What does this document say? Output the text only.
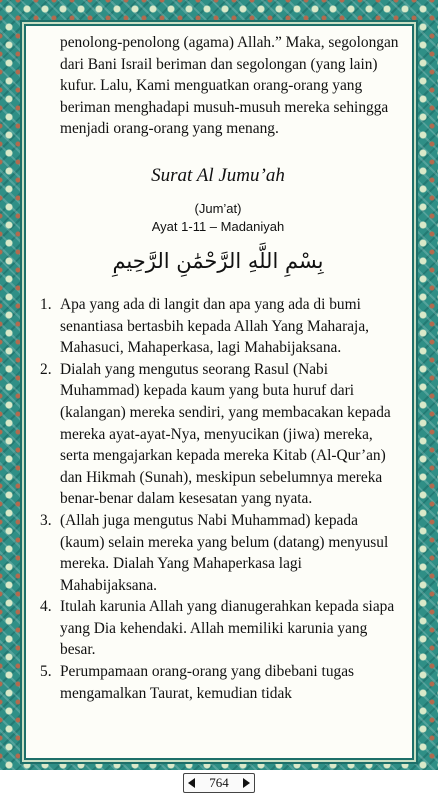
penolong-penolong (agama) Allah.” Maka, segolongan dari Bani Israil beriman dan segolongan (yang lain) kufur. Lalu, Kami menguatkan orang-orang yang beriman menghadapi musuh-musuh mereka sehingga menjadi orang-orang yang menang.

Surat Al Jumu’ah

(Jum’at)

Ayat 1-11 – Madaniyah

بِسْمِ اللَّهِ الرَّحْمَٰنِ الرَّحِيمِ
1. Apa yang ada di langit dan apa yang ada di bumi senantiasa bertasbih kepada Allah Yang Maharaja, Mahasuci, Mahaperkasa, lagi Mahabijaksana.
2. Dialah yang mengutus seorang Rasul (Nabi Muhammad) kepada kaum yang buta huruf dari (kalangan) mereka sendiri, yang membacakan kepada mereka ayat-ayat-Nya, menyucikan (jiwa) mereka, serta mengajarkan kepada mereka Kitab (Al-Qur’an) dan Hikmah (Sunah), meskipun sebelumnya mereka benar-benar dalam kesesatan yang nyata.
3. (Allah juga mengutus Nabi Muhammad) kepada (kaum) selain mereka yang belum (datang) menyusul mereka. Dialah Yang Mahaperkasa lagi Mahabijaksana.
4. Itulah karunia Allah yang dianugerahkan kepada siapa yang Dia kehendaki. Allah memiliki karunia yang besar.
5. Perumpamaan orang-orang yang dibebani tugas mengamalkan Taurat, kemudian tidak
764
